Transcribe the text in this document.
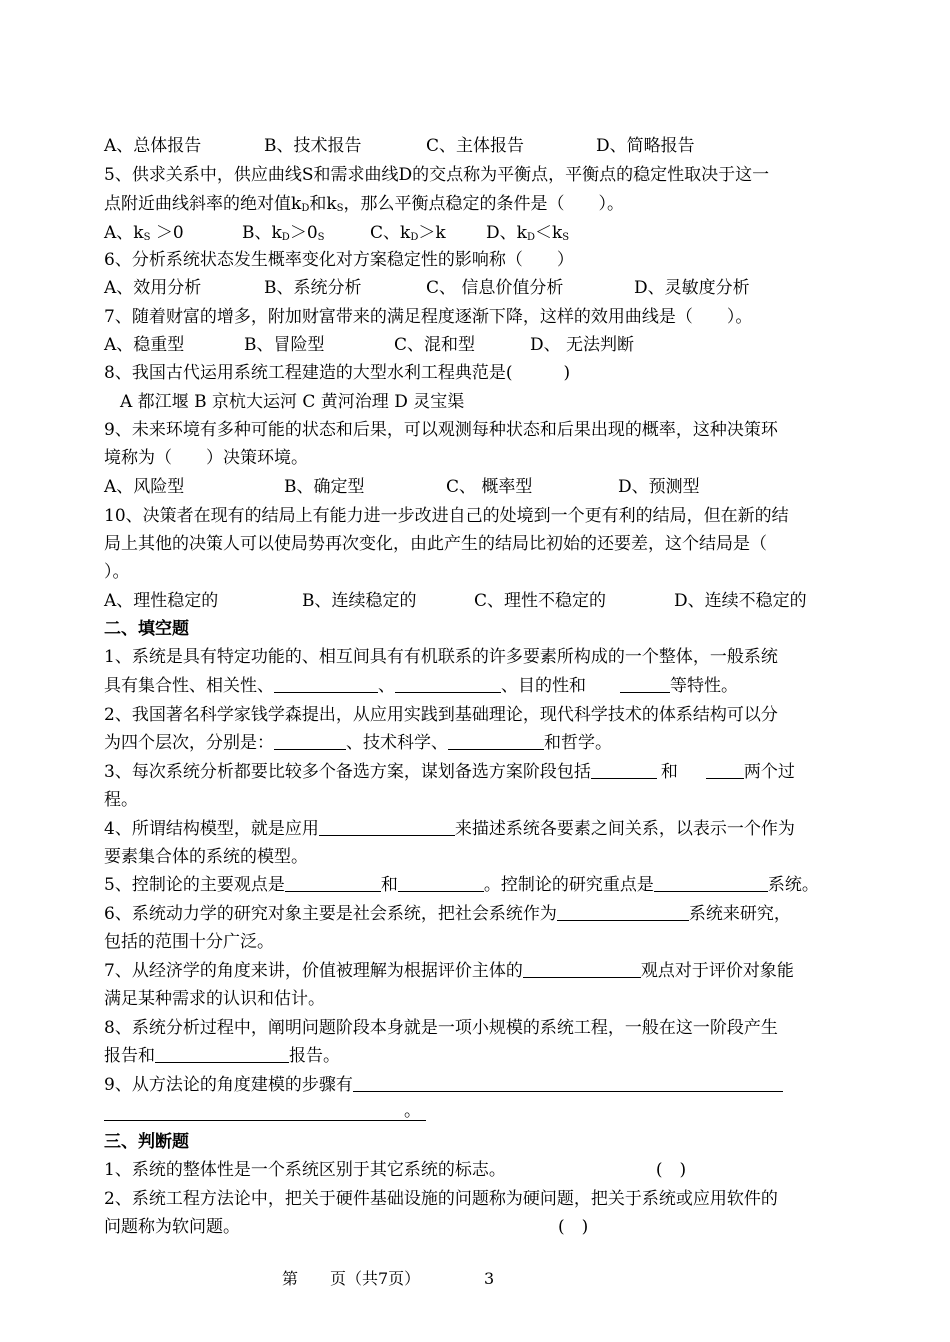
A、总体报告	B、技术报告	C、主体报告	D、简略报告
5、供求关系中，供应曲线S和需求曲线D的交点称为平衡点，平衡点的稳定性取决于这一
点附近曲线斜率的绝对值$k_D$和$k_S$，那么平衡点稳定的条件是（　　）。
A、$k_S >0$	B、$k_D>0_S$	C、$k_D>k$ D、$k_D<k_S$
6、分析系统状态发生概率变化对方案稳定性的影响称（　　）
A、效用分析	B、系统分析	C、 信息价值分析	D、灵敏度分析
7、随着财富的增多，附加财富带来的满足程度逐渐下降，这样的效用曲线是（　　）。
A、稳重型	B、冒险型	C、混和型	D、 无法判断
8、我国古代运用系统工程建造的大型水利工程典范是(　　　)
A 都江堰 B 京杭大运河 C 黄河治理 D 灵宝渠
9、未来环境有多种可能的状态和后果，可以观测每种状态和后果出现的概率，这种决策环
境称为（　　）决策环境。
A、风险型	B、确定型	C、 概率型	D、预测型
10、决策者在现有的结局上有能力进一步改进自己的处境到一个更有利的结局，但在新的结
局上其他的决策人可以使局势再次变化，由此产生的结局比初始的还要差，这个结局是（
）。
A、理性稳定的	B、连续稳定的	C、理性不稳定的	D、连续不稳定的
二、填空题
1、系统是具有特定功能的、相互间具有有机联系的许多要素所构成的一个整体，一般系统
具有集合性、相关性、	、	、目的性和	等特性。
2、我国著名科学家钱学森提出，从应用实践到基础理论，现代科学技术的体系结构可以分
为四个层次，分别是：	、技术科学、	和哲学。
3、每次系统分析都要比较多个备选方案，谋划备选方案阶段包括	和	两个过
程。
4、所谓结构模型，就是应用	来描述系统各要素之间关系，以表示一个作为
要素集合体的系统的模型。
5、控制论的主要观点是	和	。控制论的研究重点是	系统。
6、系统动力学的研究对象主要是社会系统，把社会系统作为	系统来研究，
包括的范围十分广泛。
7、从经济学的角度来讲，价值被理解为根据评价主体的	观点对于评价对象能
满足某种需求的认识和估计。
8、系统分析过程中，阐明问题阶段本身就是一项小规模的系统工程，一般在这一阶段产生
报告和	报告。
9、从方法论的角度建模的步骤有
。
三、判断题
1、系统的整体性是一个系统区别于其它系统的标志。	(　)
2、系统工程方法论中，把关于硬件基础设施的问题称为硬问题，把关于系统或应用软件的
问题称为软问题。	(　)
第　　页（共7页）	3
